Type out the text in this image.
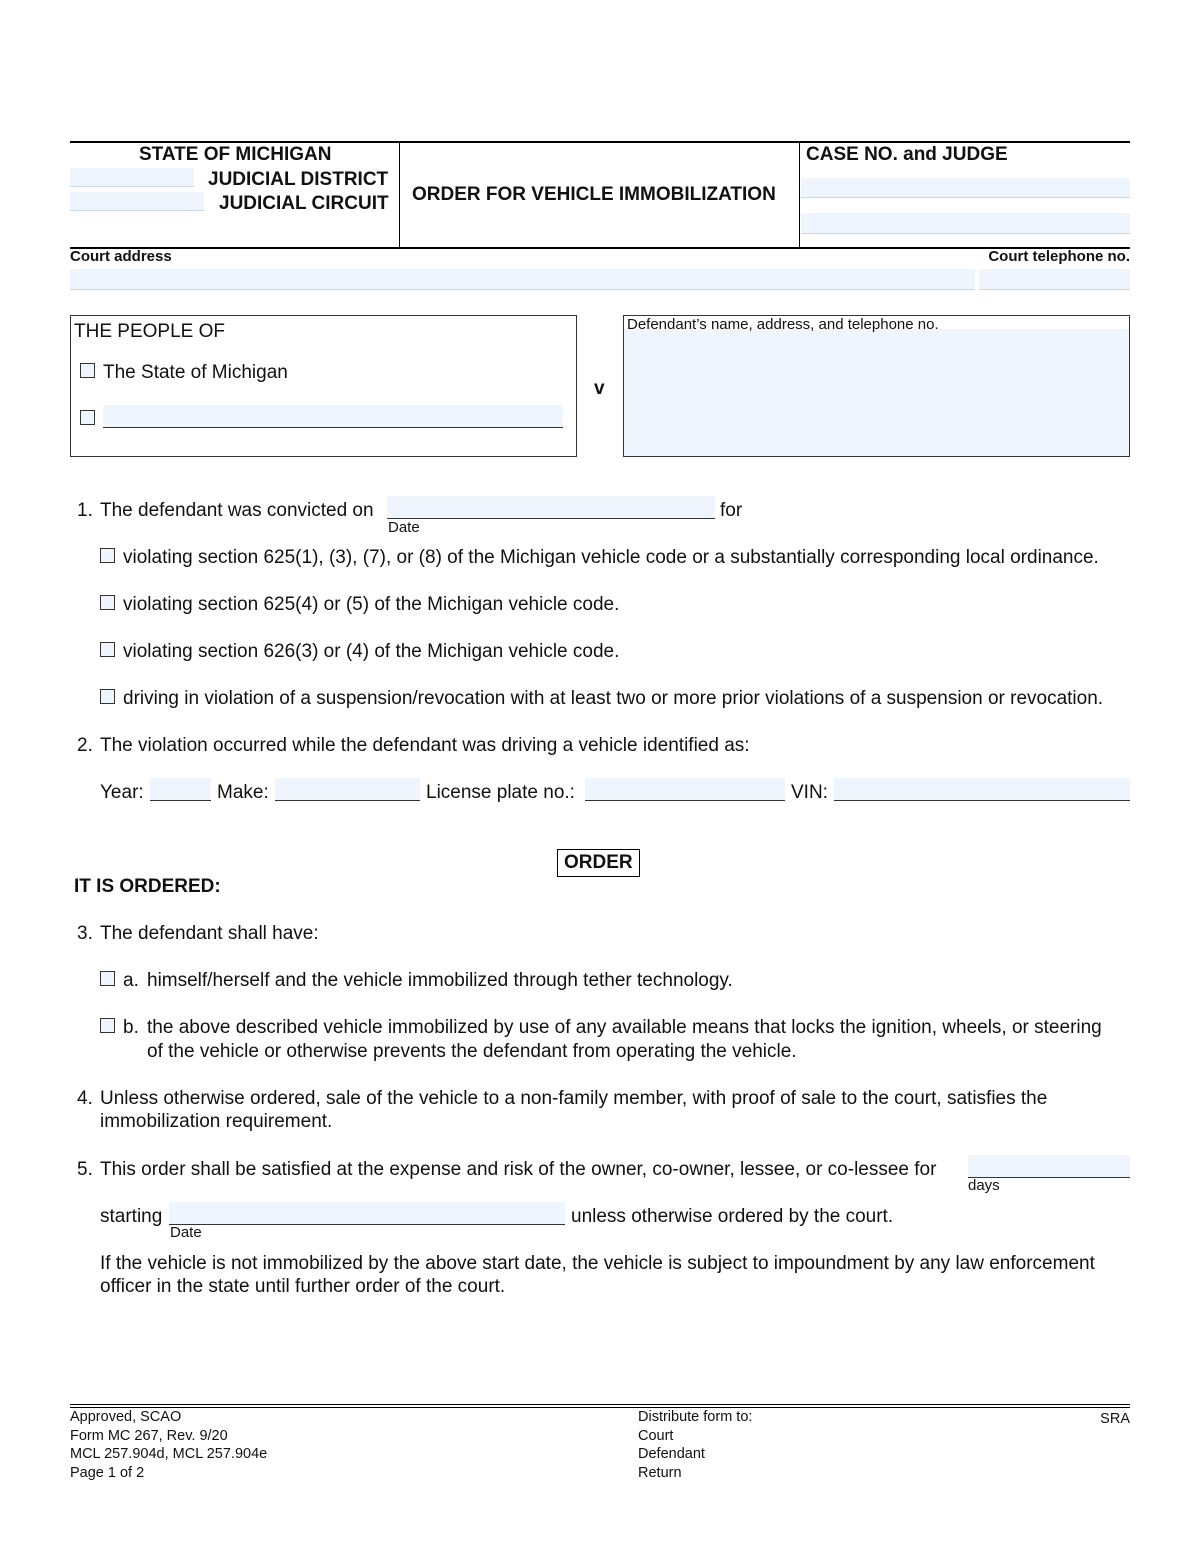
STATE OF MICHIGAN
JUDICIAL DISTRICT
JUDICIAL CIRCUIT ORDER FOR VEHICLE IMMOBILIZATION
CASE NO. and JUDGE
Court address	Court telephone no.
THE PEOPLE OF
The State of Michigan
v
Defendant’s name, address, and telephone no.
1. The defendant was convicted on
Date
for
violating section 625(1), (3), (7), or (8) of the Michigan vehicle code or a substantially corresponding local ordinance.
violating section 625(4) or (5) of the Michigan vehicle code.
violating section 626(3) or (4) of the Michigan vehicle code.
driving in violation of a suspension/revocation with at least two or more prior violations of a suspension or revocation.
2. The violation occurred while the defendant was driving a vehicle identified as:
Year:	Make:	License plate no.:	VIN:
ORDER
IT IS ORDERED:
3. The defendant shall have:
a. himself/herself and the vehicle immobilized through tether technology.
b. the above described vehicle immobilized by use of any available means that locks the ignition, wheels, or steering
of the vehicle or otherwise prevents the defendant from operating the vehicle.
4. Unless otherwise ordered, sale of the vehicle to a non-family member, with proof of sale to the court, satisfies the
immobilization requirement.
5. This order shall be satisfied at the expense and risk of the owner, co-owner, lessee, or co-lessee for
days
starting
Date
unless otherwise ordered by the court.
If the vehicle is not immobilized by the above start date, the vehicle is subject to impoundment by any law enforcement
officer in the state until further order of the court.
Approved, SCAO
Form MC 267, Rev. 9/20
MCL 257.904d, MCL 257.904e
Page 1 of 2
Distribute form to:
Court
Defendant
Return
SRA
